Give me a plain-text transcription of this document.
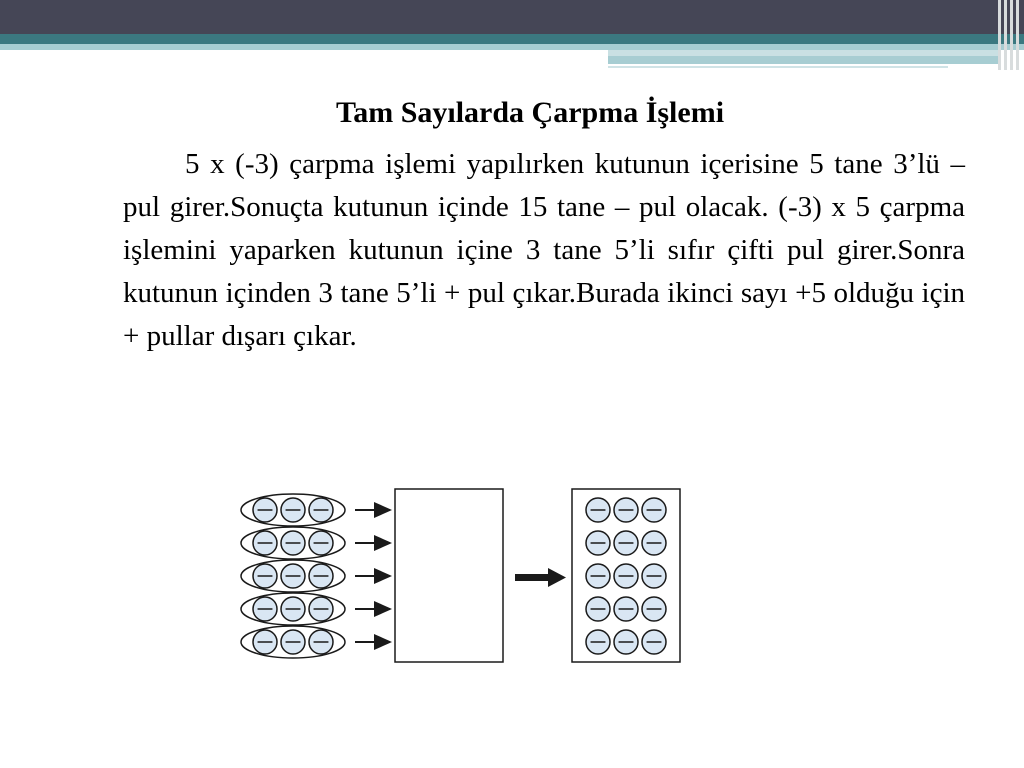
Tam Sayılarda Çarpma İşlemi
5 x (-3) çarpma işlemi yapılırken kutunun içerisine 5 tane 3’lü – pul girer.Sonuçta kutunun içinde 15 tane – pul olacak. (-3) x 5 çarpma işlemini yaparken kutunun içine 3 tane 5’li sıfır çifti pul girer.Sonra kutunun içinden 3 tane 5’li + pul çıkar.Burada ikinci sayı +5 olduğu için + pullar dışarı çıkar.
